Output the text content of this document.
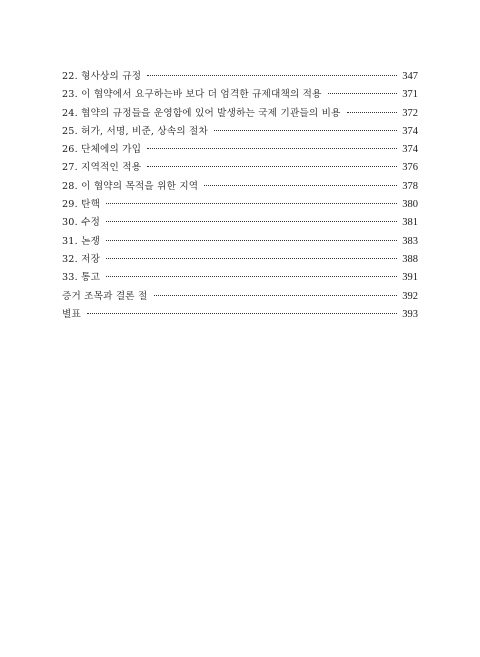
22. 형사상의 규정	347
23. 이 협약에서 요구하는바 보다 더 엄격한 규제대책의 적용	371
24. 협약의 규정들을 운영함에 있어 발생하는 국제 기관들의 비용	372
25. 허가, 서명, 비준, 상속의 절차	374
26. 단체에의 가입	374
27. 지역적인 적용	376
28. 이 협약의 목적을 위한 지역	378
29. 탄핵	380
30. 수정	381
31. 논쟁	383
32. 저장	388
33. 통고	391
증거 조목과 결론 절	392
별표	393
